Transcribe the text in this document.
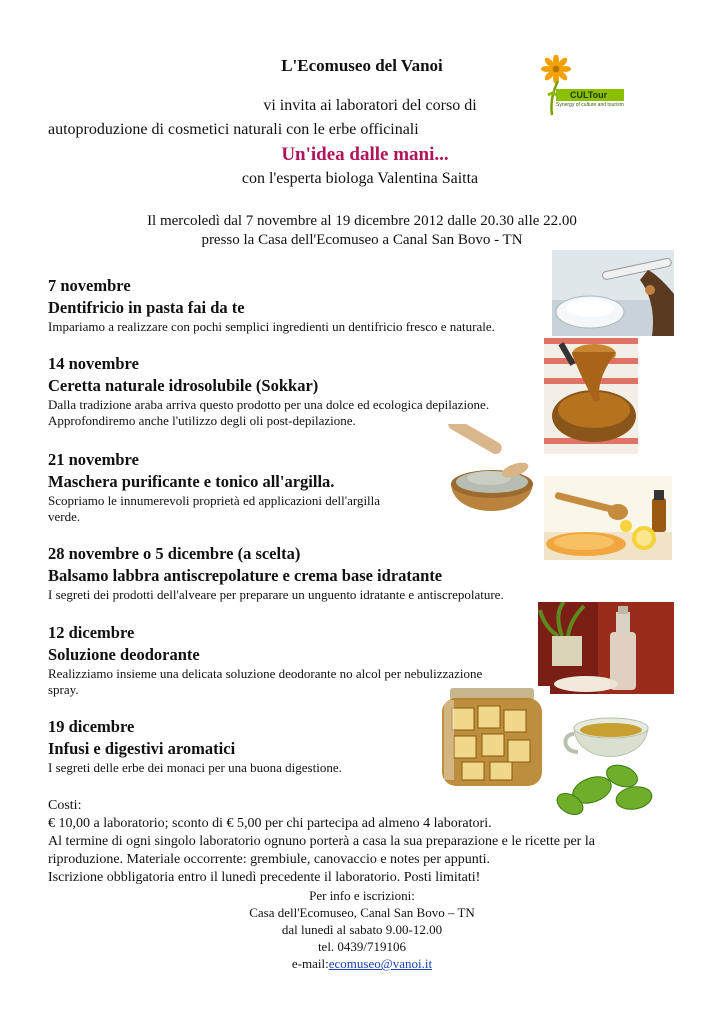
L'Ecomuseo del Vanoi
vi invita ai laboratori del corso di
autoproduzione di cosmetici naturali con le erbe officinali
Un'idea dalle mani...
con l'esperta biologa Valentina Saitta
Il mercoledì dal 7 novembre al 19 dicembre 2012 dalle 20.30 alle 22.00
presso la Casa dell'Ecomuseo a Canal San Bovo - TN
CULTour
Synergy of culture and tourism
7 novembre
Dentifricio in pasta fai da te
Impariamo a realizzare con pochi semplici ingredienti un dentifricio fresco e naturale.
14 novembre
Ceretta naturale idrosolubile (Sokkar)
Dalla tradizione araba arriva questo prodotto per una dolce ed ecologica depilazione.
Approfondiremo anche l'utilizzo degli oli post-depilazione.
21 novembre
Maschera purificante e tonico all'argilla.
Scopriamo le innumerevoli proprietà ed applicazioni dell'argilla
verde.
28 novembre o 5 dicembre (a scelta)
Balsamo labbra antiscrepolature e crema base idratante
I segreti dei prodotti dell'alveare per preparare un unguento idratante e antiscrepolature.
12 dicembre
Soluzione deodorante
Realizziamo insieme una delicata soluzione deodorante no alcol per nebulizzazione
spray.
19 dicembre
Infusi e digestivi aromatici
I segreti delle erbe dei monaci per una buona digestione.
Costi:
€ 10,00 a laboratorio; sconto di € 5,00 per chi partecipa ad almeno 4 laboratori.
Al termine di ogni singolo laboratorio ognuno porterà a casa la sua preparazione e le ricette per la
riproduzione. Materiale occorrente: grembiule, canovaccio e notes per appunti.
Iscrizione obbligatoria entro il lunedì precedente il laboratorio. Posti limitati!
Per info e iscrizioni:
Casa dell'Ecomuseo, Canal San Bovo – TN
dal lunedì al sabato 9.00-12.00
tel. 0439/719106
e-mail:ecomuseo@vanoi.it
